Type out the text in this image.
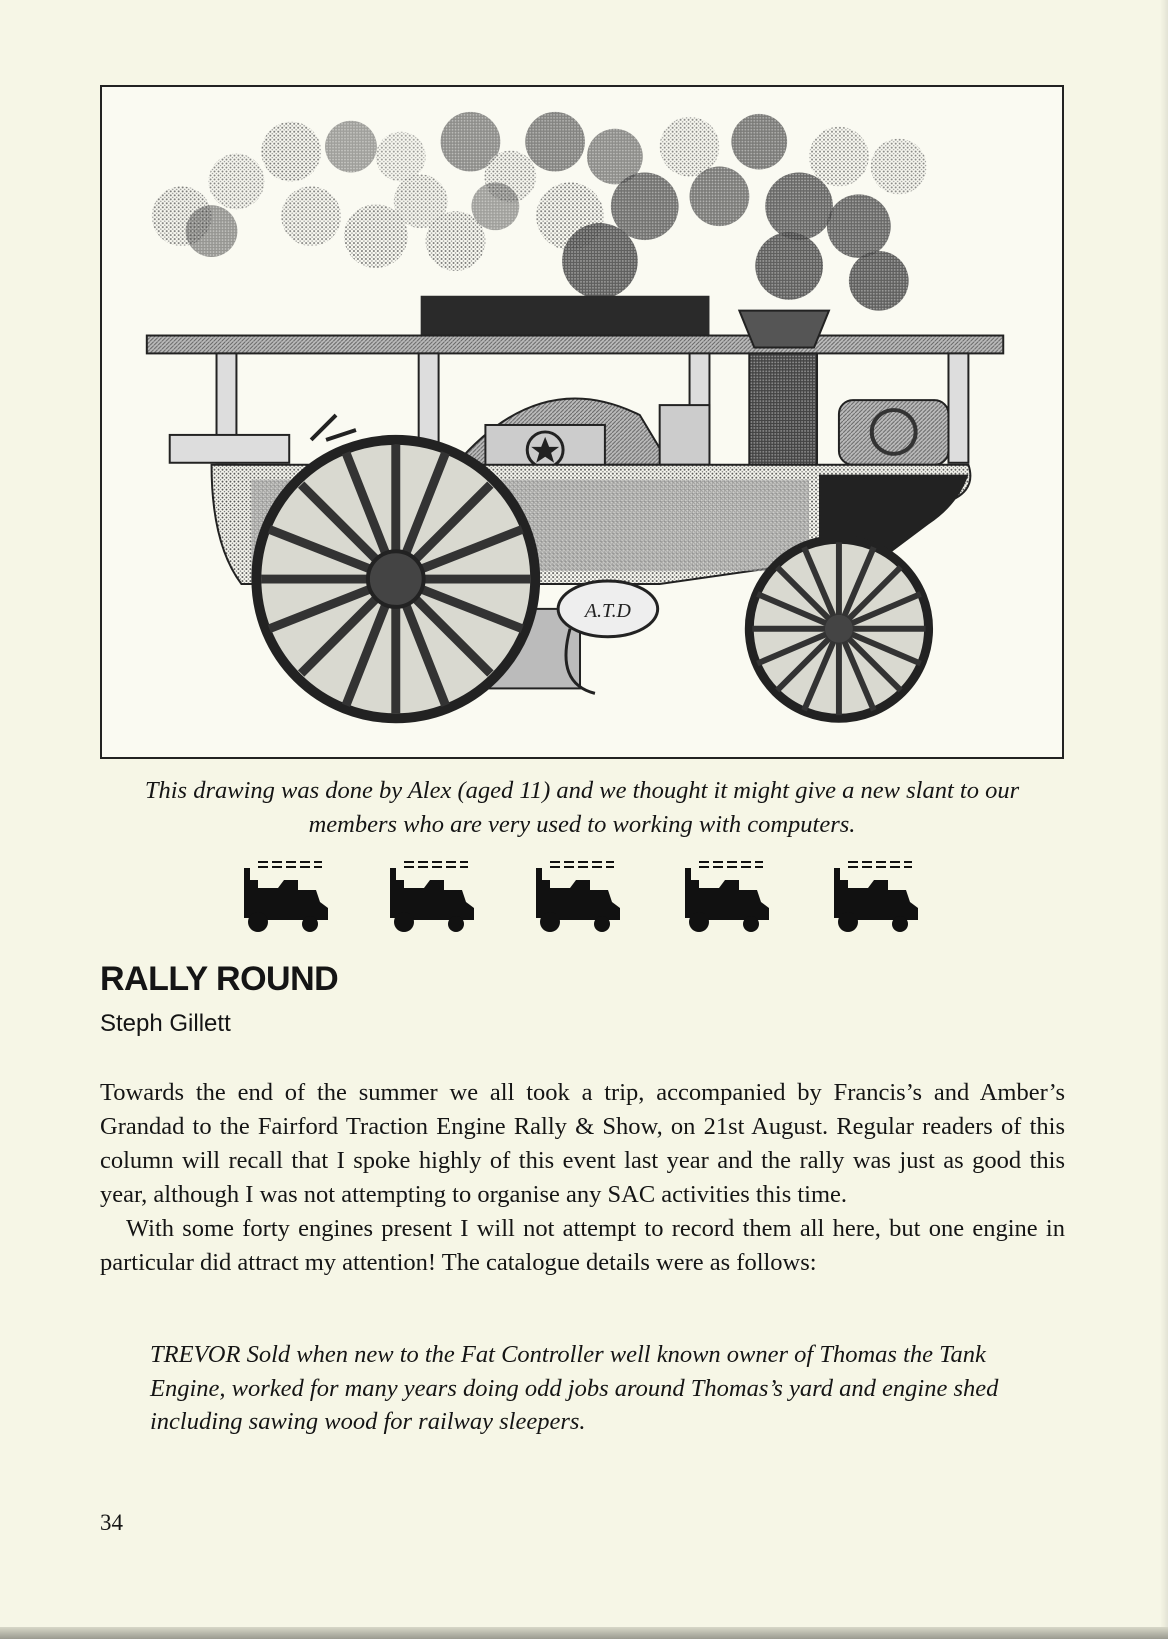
A.T.D
This drawing was done by Alex (aged 11) and we thought it might give a new slant to our members who are very used to working with computers.
RALLY ROUND
Steph Gillett

Towards the end of the summer we all took a trip, accompanied by Francis’s and Amber’s Grandad to the Fairford Traction Engine Rally & Show, on 21st August. Regular readers of this column will recall that I spoke highly of this event last year and the rally was just as good this year, although I was not attempting to organise any SAC activities this time.

With some forty engines present I will not attempt to record them all here, but one engine in particular did attract my attention! The catalogue details were as follows:

TREVOR Sold when new to the Fat Controller well known owner of Thomas the Tank Engine, worked for many years doing odd jobs around Thomas’s yard and engine shed including sawing wood for railway sleepers.
34
